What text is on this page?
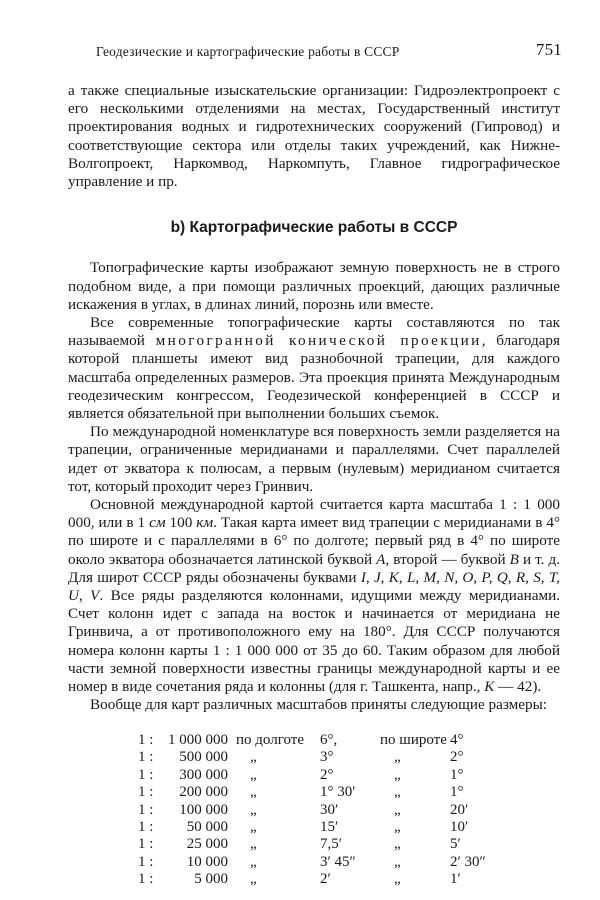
Геодезические и картографические работы в СССР	751

а также специальные изыскательские организации: Гидроэлектропроект с его несколькими отделениями на местах, Государственный институт проектирования водных и гидротехнических сооружений (Гипровод) и соответствующие сектора или отделы таких учреждений, как Нижне-Волгопроект, Наркомвод, Наркомпуть, Главное гидрографическое управление и пр.

b) Картографические работы в СССР

Топографические карты изображают земную поверхность не в строго подобном виде, а при помощи различных проекций, дающих различные искажения в углах, в длинах линий, порознь или вместе.

Все современные топографические карты составляются по так называемой многогранной конической проекции, благодаря которой планшеты имеют вид разнобочной трапеции, для каждого масштаба определенных размеров. Эта проекция принята Международным геодезическим конгрессом, Геодезической конференцией в СССР и является обязательной при выполнении больших съемок.

По международной номенклатуре вся поверхность земли разделяется на трапеции, ограниченные меридианами и параллелями. Счет параллелей идет от экватора к полюсам, а первым (нулевым) меридианом считается тот, который проходит через Гринвич.

Основной международной картой считается карта масштаба 1 : 1 000 000, или в 1 см 100 км. Такая карта имеет вид трапеции с меридианами в 4° по широте и с параллелями в 6° по долготе; первый ряд в 4° по широте около экватора обозначается латинской буквой A, второй — буквой B и т. д. Для широт СССР ряды обозначены буквами I, J, K, L, M, N, O, P, Q, R, S, T, U, V. Все ряды разделяются колоннами, идущими между меридианами. Счет колонн идет с запада на восток и начинается от меридиана не Гринвича, а от противоположного ему на 180°. Для СССР получаются номера колонн карты 1 : 1 000 000 от 35 до 60. Таким образом для любой части земной поверхности известны границы международной карты и ее номер в виде сочетания ряда и колонны (для г. Ташкента, напр., K — 42).

Вообще для карт различных масштабов приняты следующие размеры:

1 :	1 000 000	по долготе	6°,	по широте	4°
1 :	500 000	„	3°	„	2°
1 :	300 000	„	2°	„	1°
1 :	200 000	„	1° 30′	„	1°
1 :	100 000	„	30′	„	20′
1 :	50 000	„	15′	„	10′
1 :	25 000	„	7,5′	„	5′
1 :	10 000	„	3′ 45″	„	2′ 30″
1 :	5 000	„	2′	„	1′
